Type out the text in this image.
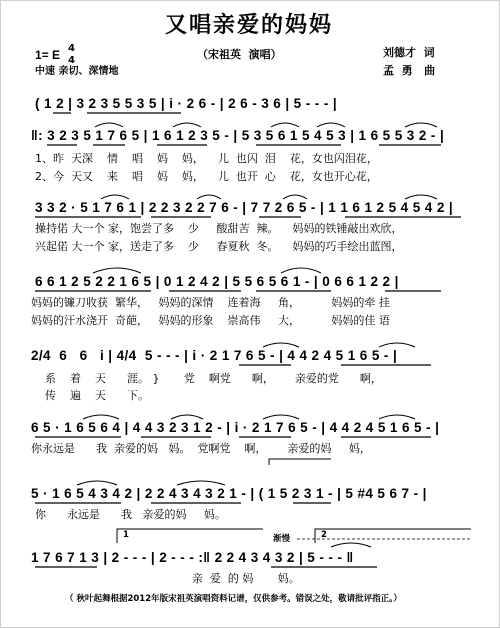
又唱亲爱的妈妈
（宋祖英  演唱）
1= E 4
4
中速 亲切、深情地
刘德才  词
孟  勇   曲
( 1 2 | 3 2 3 5 5 3 5 | i · 2 6 - | 2 6 - 3 6 | 5 - - - |
‖: 3 2 3 5 1 7 6 5 | 1 6 1 2 3 5 - | 5 3 5 6 1 5 4 5 3 | 1 6 5 5 3 2 - |
1、昨  天深    情    唱    妈    妈，    儿  也闪  泪    花，女也闪泪花，
2、今  天又    来    唱    妈    妈，    儿  也开  心    花，女也开心花，
3 3 2 · 5 1 7 6 1 | 2 2 3 2 2 7 6 - | 7 7 2 6 5 - | 1 1 6 1 2 5 4 5 4 2 |
操持偌 大一个 家，饱尝了多    少     酸甜苦  辣。    妈妈的铁锤敲出欢欣，
兴起偌 大一个 家，送走了多    少     春夏秋  冬。    妈妈的巧手绘出蓝图，
6 6 1 2 5 2 2 1 6 5 | 0 1 2 4 2 | 5 5 6 5 6 1 - | 0 6 6 1 2 2 |
妈妈的镰刀收获  繁华，   妈妈的深情    连着海     角，         妈妈的牵 挂
妈妈的汗水浇开  奇葩，   妈妈的形象    崇高伟     大，         妈妈的佳 语
2/4  6   6   i | 4/4  5 - - - | i · 2 1 7 6 5 - | 4 4 2 4 5 1 6 5 - |
系    着    天      涯。 }       党    啊党      啊，      亲爱的党      啊，
传    遍    天      下。
6 5 · 1 6 5 6 4 | 4 4 3 2 3 1 2 - | i · 2 1 7 6 5 - | 4 4 2 4 5 1 6 5 - |
你永远是      我  亲爱的妈   妈。  党啊党    啊，      亲爱的妈     妈，
5 · 1 6 5 4 3 4 2 | 2 2 4 3 4 3 2 1 - | ( 1 5 2 3 1 - | 5 #4 5 6 7 - |
你      永远是      我   亲爱的妈     妈。
渐慢
1	2
1 7 6 7 1 3 | 2 - - - | 2 - - - :‖ 2 2 4 3 4 3 2 | 5 - - - ‖
亲  爱  的 妈       妈。
（ 秋叶起舞根据2012年版宋祖英演唱资料记谱，仅供参考。错误之处，敬请批评指正。）
